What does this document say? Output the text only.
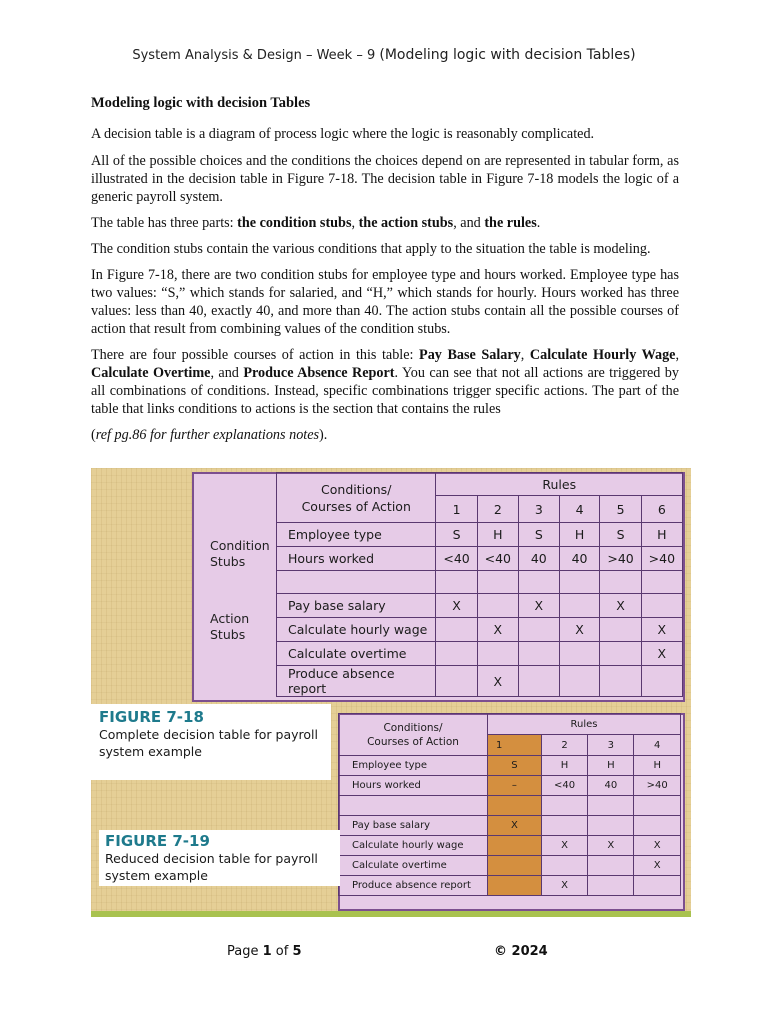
System Analysis & Design – Week – 9 (Modeling logic with decision Tables)
Modeling logic with decision Tables

A decision table is a diagram of process logic where the logic is reasonably complicated.

All of the possible choices and the conditions the choices depend on are represented in tabular form, as illustrated in the decision table in Figure 7-18. The decision table in Figure 7-18 models the logic of a generic payroll system.

The table has three parts: the condition stubs, the action stubs, and the rules.

The condition stubs contain the various conditions that apply to the situation the table is modeling.

In Figure 7-18, there are two condition stubs for employee type and hours worked. Employee type has two values: “S,” which stands for salaried, and “H,” which stands for hourly. Hours worked has three values: less than 40, exactly 40, and more than 40. The action stubs contain all the possible courses of action that result from combining values of the condition stubs.

There are four possible courses of action in this table: Pay Base Salary, Calculate Hourly Wage, Calculate Overtime, and Produce Absence Report. You can see that not all actions are triggered by all combinations of conditions. Instead, specific combinations trigger specific actions. The part of the table that links conditions to actions is the section that contains the rules

(ref pg.86 for further explanations notes).

Condition
Stubs
Action
Stubs
Conditions/
Courses of Action	Rules					
	1	2	3	4	5	6
Employee type	S	H	S	H	S	H
Hours worked	<40	<40	40	40	>40	>40

Pay base salary	X		X		X	
Calculate hourly wage		X		X		X
Calculate overtime						X
Produce absence report		X				
FIGURE 7-18
Complete decision table for payroll system example
Conditions/
Courses of Action	Rules			
	1	2	3	4
Employee type	S	H	H	H
Hours worked	–	<40	40	>40

Pay base salary	X			
Calculate hourly wage		X	X	X
Calculate overtime				X
Produce absence report		X		
FIGURE 7-19
Reduced decision table for payroll system example
Page 1 of 5	© 2024
